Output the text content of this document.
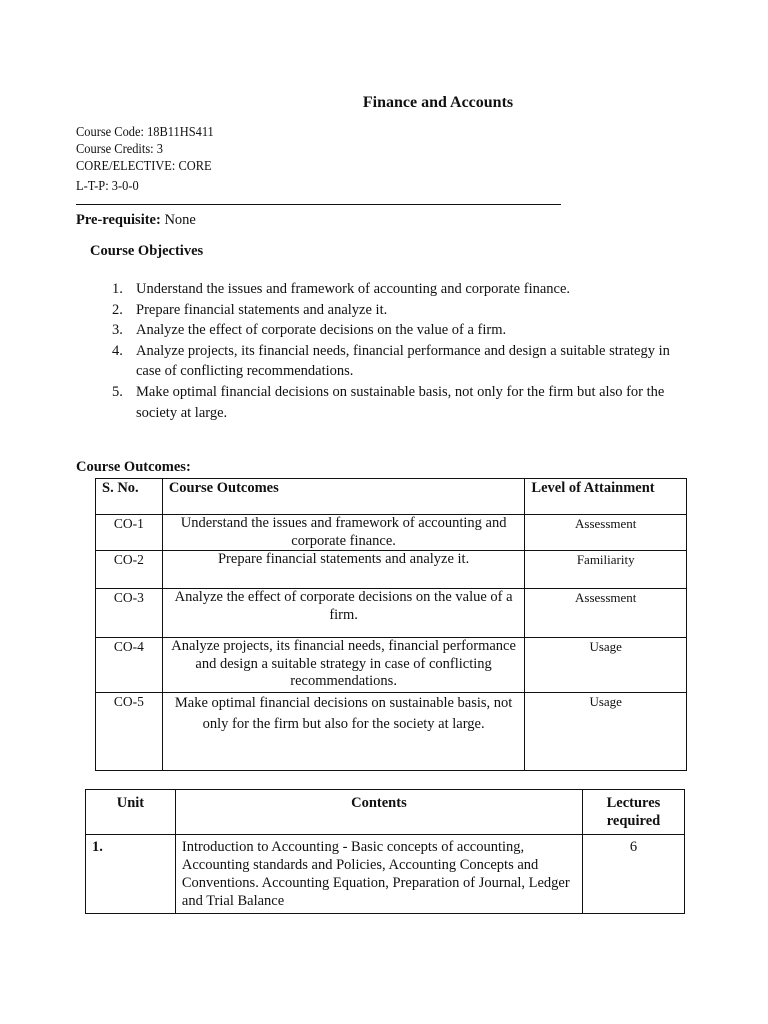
Finance and Accounts
Course Code: 18B11HS411
Course Credits: 3
CORE/ELECTIVE: CORE
L-T-P: 3-0-0
Pre-requisite: None
Course Objectives
1. Understand the issues and framework of accounting and corporate finance.
2. Prepare financial statements and analyze it.
3. Analyze the effect of corporate decisions on the value of a firm.
4. Analyze projects, its financial needs, financial performance and design a suitable strategy in case of conflicting recommendations.
5. Make optimal financial decisions on sustainable basis, not only for the firm but also for the society at large.
Course Outcomes:
S. No.	Course Outcomes	Level of Attainment
CO-1	Understand the issues and framework of accounting and corporate finance.	Assessment
CO-2	Prepare financial statements and analyze it.	Familiarity
CO-3	Analyze the effect of corporate decisions on the value of a firm.	Assessment
CO-4	Analyze projects, its financial needs, financial performance and design a suitable strategy in case of conflicting recommendations.	Usage
CO-5	Make optimal financial decisions on sustainable basis, not only for the firm but also for the society at large.	Usage
Unit	Contents	Lectures required
1.	Introduction to Accounting - Basic concepts of accounting, Accounting standards and Policies, Accounting Concepts and Conventions. Accounting Equation, Preparation of Journal, Ledger and Trial Balance	6
